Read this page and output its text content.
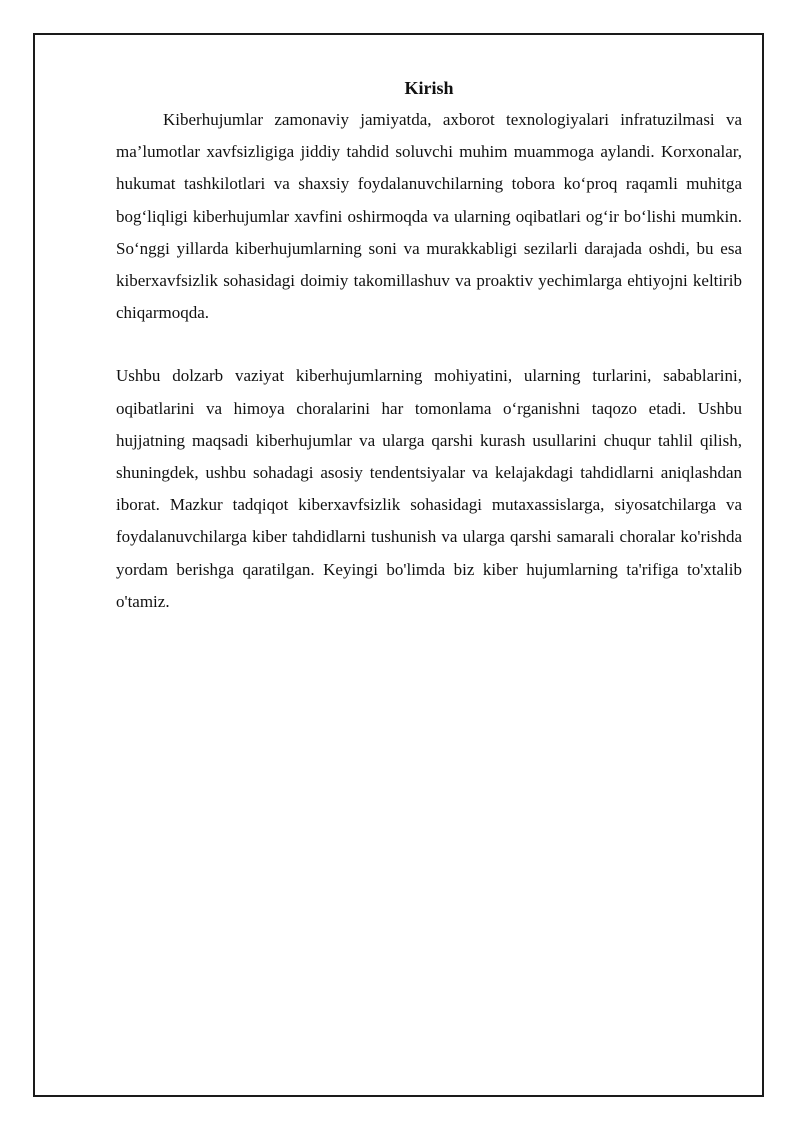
Kirish

Kiberhujumlar zamonaviy jamiyatda, axborot texnologiyalari infratuzilmasi va ma’lumotlar xavfsizligiga jiddiy tahdid soluvchi muhim muammoga aylandi. Korxonalar, hukumat tashkilotlari va shaxsiy foydalanuvchilarning tobora ko‘proq raqamli muhitga bog‘liqligi kiberhujumlar xavfini oshirmoqda va ularning oqibatlari og‘ir bo‘lishi mumkin. So‘nggi yillarda kiberhujumlarning soni va murakkabligi sezilarli darajada oshdi, bu esa kiberxavfsizlik sohasidagi doimiy takomillashuv va proaktiv yechimlarga ehtiyojni keltirib chiqarmoqda.

Ushbu dolzarb vaziyat kiberhujumlarning mohiyatini, ularning turlarini, sabablarini, oqibatlarini va himoya choralarini har tomonlama o‘rganishni taqozo etadi. Ushbu hujjatning maqsadi kiberhujumlar va ularga qarshi kurash usullarini chuqur tahlil qilish, shuningdek, ushbu sohadagi asosiy tendentsiyalar va kelajakdagi tahdidlarni aniqlashdan iborat. Mazkur tadqiqot kiberxavfsizlik sohasidagi mutaxassislarga, siyosatchilarga va foydalanuvchilarga kiber tahdidlarni tushunish va ularga qarshi samarali choralar ko'rishda yordam berishga qaratilgan. Keyingi bo'limda biz kiber hujumlarning ta'rifiga to'xtalib o'tamiz.
